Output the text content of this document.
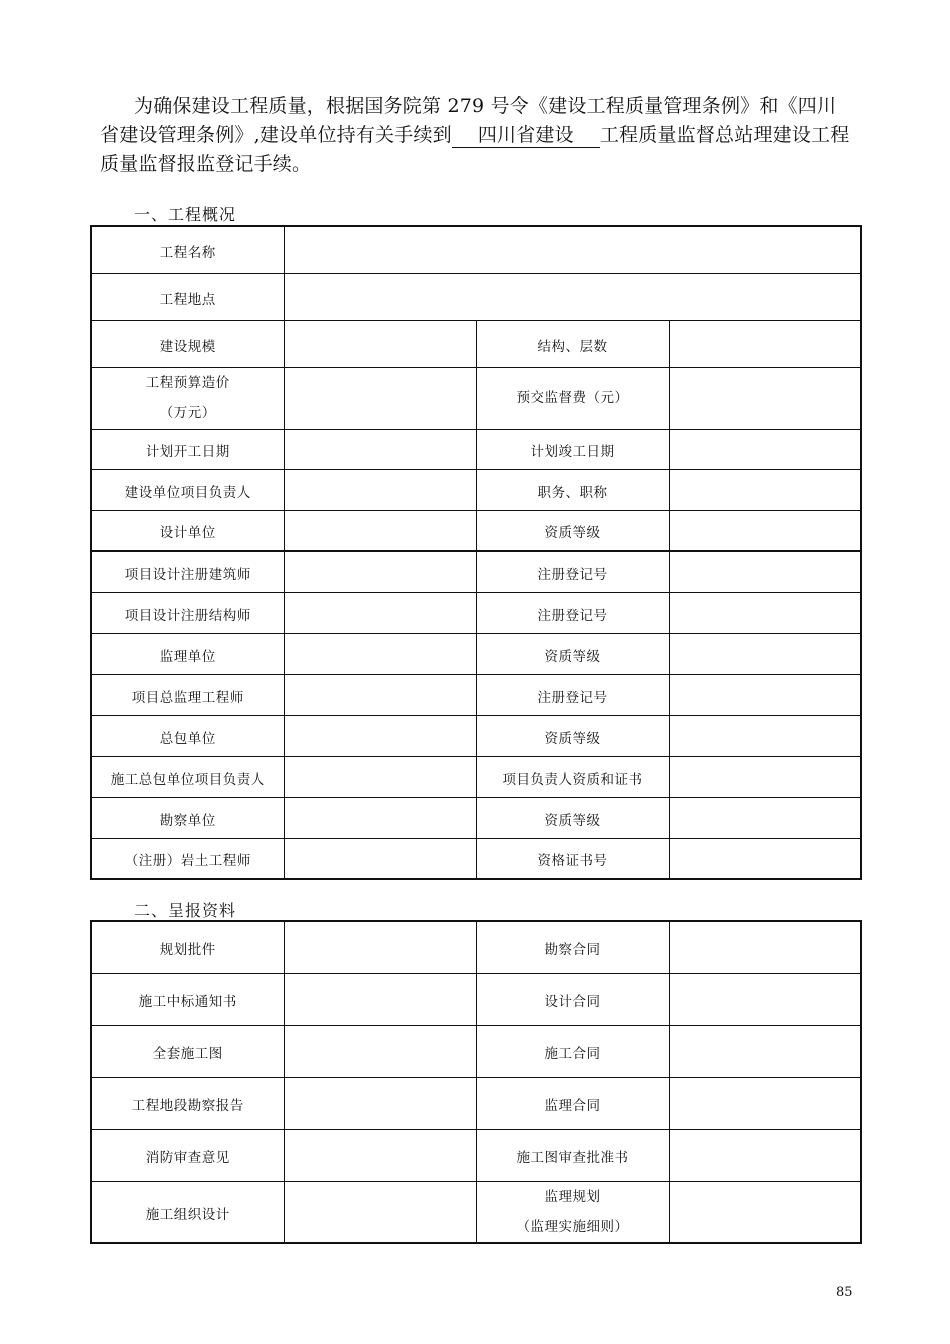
为确保建设工程质量，根据国务院第 279 号令《建设工程质量管理条例》和《四川省建设管理条例》,建设单位持有关手续到 四川省建设 工程质量监督总站理建设工程质量监督报监登记手续。

一、工程概况
工程名称			
工程地点			
建设规模		结构、层数	

工程预算造价
（万元）		预交监督费（元）	
计划开工日期		计划竣工日期	
建设单位项目负责人		职务、职称	
设计单位		资质等级	
项目设计注册建筑师		注册登记号	
项目设计注册结构师		注册登记号	
监理单位		资质等级	
项目总监理工程师		注册登记号	
总包单位		资质等级	
施工总包单位项目负责人		项目负责人资质和证书	
勘察单位		资质等级	
（注册）岩土工程师		资格证书号	
二、呈报资料
规划批件		勘察合同	
施工中标通知书		设计合同	
全套施工图		施工合同	
工程地段勘察报告		监理合同	
消防审查意见		施工图审查批准书	
施工组织设计		监理规划
（监理实施细则）	

85
